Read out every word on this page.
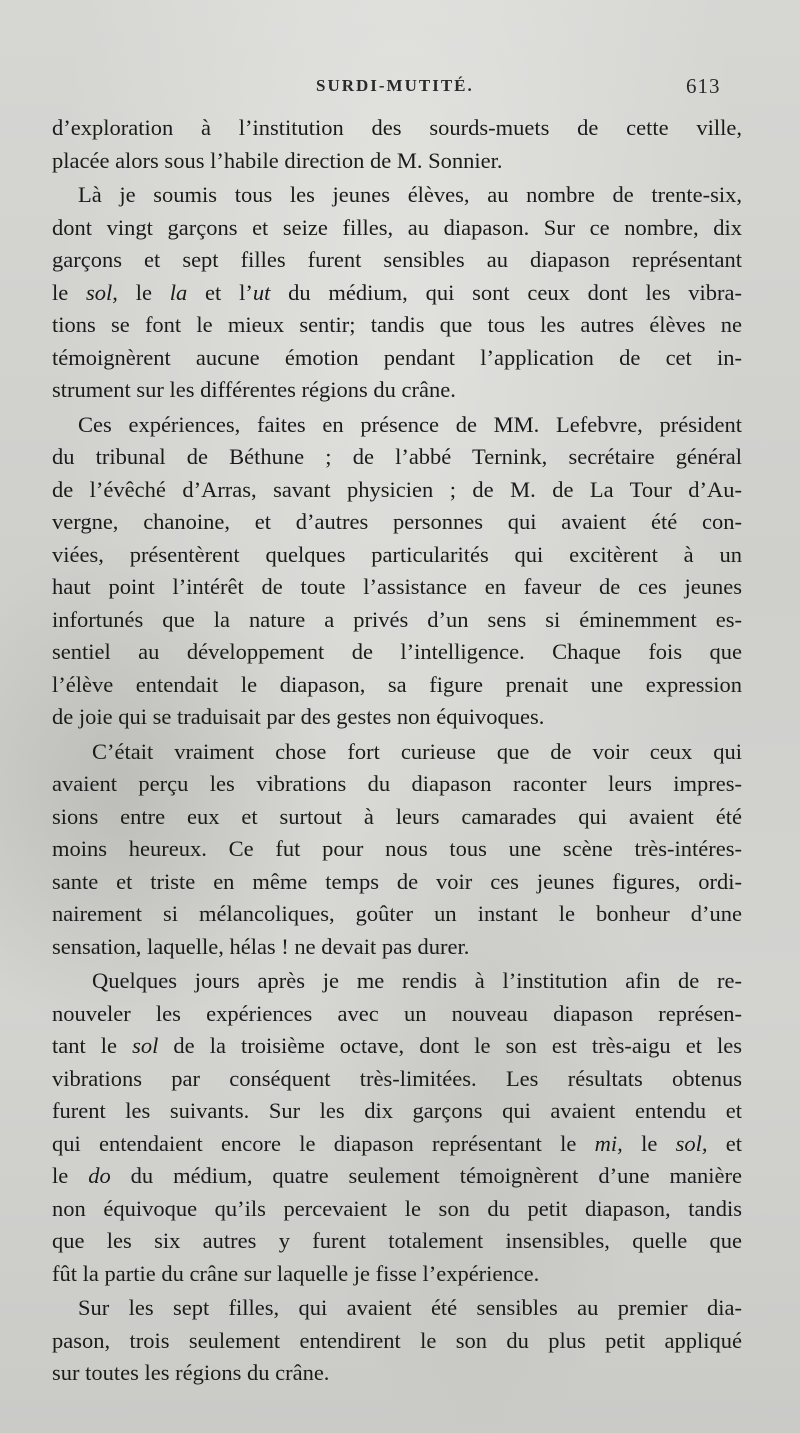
SURDI-MUTITÉ.	613
d’exploration à l’institution des sourds-muets de cette ville,
placée alors sous l’habile direction de M. Sonnier.
Là je soumis tous les jeunes élèves, au nombre de trente-six,
dont vingt garçons et seize filles, au diapason. Sur ce nombre, dix
garçons et sept filles furent sensibles au diapason représentant
le sol, le la et l’ut du médium, qui sont ceux dont les vibra-
tions se font le mieux sentir; tandis que tous les autres élèves ne
témoignèrent aucune émotion pendant l’application de cet in-
strument sur les différentes régions du crâne.
Ces expériences, faites en présence de MM. Lefebvre, président
du tribunal de Béthune ; de l’abbé Ternink, secrétaire général
de l’évêché d’Arras, savant physicien ; de M. de La Tour d’Au-
vergne, chanoine, et d’autres personnes qui avaient été con-
viées, présentèrent quelques particularités qui excitèrent à un
haut point l’intérêt de toute l’assistance en faveur de ces jeunes
infortunés que la nature a privés d’un sens si éminemment es-
sentiel au développement de l’intelligence. Chaque fois que
l’élève entendait le diapason, sa figure prenait une expression
de joie qui se traduisait par des gestes non équivoques.
C’était vraiment chose fort curieuse que de voir ceux qui
avaient perçu les vibrations du diapason raconter leurs impres-
sions entre eux et surtout à leurs camarades qui avaient été
moins heureux. Ce fut pour nous tous une scène très-intéres-
sante et triste en même temps de voir ces jeunes figures, ordi-
nairement si mélancoliques, goûter un instant le bonheur d’une
sensation, laquelle, hélas ! ne devait pas durer.
Quelques jours après je me rendis à l’institution afin de re-
nouveler les expériences avec un nouveau diapason représen-
tant le sol de la troisième octave, dont le son est très-aigu et les
vibrations par conséquent très-limitées. Les résultats obtenus
furent les suivants. Sur les dix garçons qui avaient entendu et
qui entendaient encore le diapason représentant le mi, le sol, et
le do du médium, quatre seulement témoignèrent d’une manière
non équivoque qu’ils percevaient le son du petit diapason, tandis
que les six autres y furent totalement insensibles, quelle que
fût la partie du crâne sur laquelle je fisse l’expérience.
Sur les sept filles, qui avaient été sensibles au premier dia-
pason, trois seulement entendirent le son du plus petit appliqué
sur toutes les régions du crâne.
